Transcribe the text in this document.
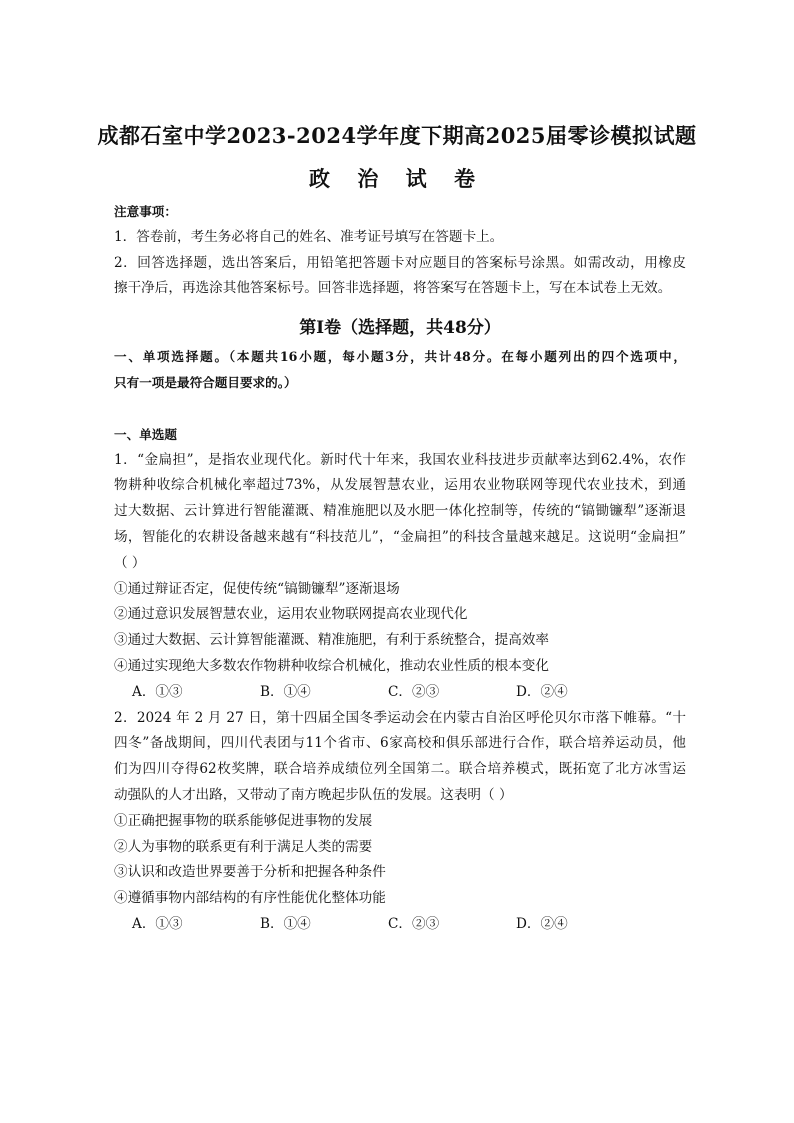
成都石室中学2023-2024学年度下期高2025届零诊模拟试题
政 治 试 卷
注意事项：
1．答卷前，考生务必将自己的姓名、准考证号填写在答题卡上。
2．回答选择题，选出答案后，用铅笔把答题卡对应题目的答案标号涂黑。如需改动，用橡皮
擦干净后，再选涂其他答案标号。回答非选择题，将答案写在答题卡上，写在本试卷上无效。
第Ⅰ卷（选择题，共48分）
一、单项选择题。（本题共16小题，每小题3分，共计48分。在每小题列出的四个选项中，
只有一项是最符合题目要求的。）
一、单选题
1．“金扁担”，是指农业现代化。新时代十年来，我国农业科技进步贡献率达到62.4%，农作
物耕种收综合机械化率超过73%，从发展智慧农业，运用农业物联网等现代农业技术，到通
过大数据、云计算进行智能灌溉、精准施肥以及水肥一体化控制等，传统的“镐锄镰犁”逐渐退
场，智能化的农耕设备越来越有“科技范儿”，“金扁担”的科技含量越来越足。这说明“金扁担”
（ ）
①通过辩证否定，促使传统“镐锄镰犁”逐渐退场
②通过意识发展智慧农业，运用农业物联网提高农业现代化
③通过大数据、云计算智能灌溉、精准施肥，有利于系统整合，提高效率
④通过实现绝大多数农作物耕种收综合机械化，推动农业性质的根本变化
A．①③	B．①④	C．②③	D．②④
2．2024 年 2 月 27 日，第十四届全国冬季运动会在内蒙古自治区呼伦贝尔市落下帷幕。“十
四冬”备战期间，四川代表团与11个省市、6家高校和俱乐部进行合作，联合培养运动员，他
们为四川夺得62枚奖牌，联合培养成绩位列全国第二。联合培养模式，既拓宽了北方冰雪运
动强队的人才出路，又带动了南方晚起步队伍的发展。这表明（ ）
①正确把握事物的联系能够促进事物的发展
②人为事物的联系更有利于满足人类的需要
③认识和改造世界要善于分析和把握各种条件
④遵循事物内部结构的有序性能优化整体功能
A．①③	B．①④	C．②③	D．②④
